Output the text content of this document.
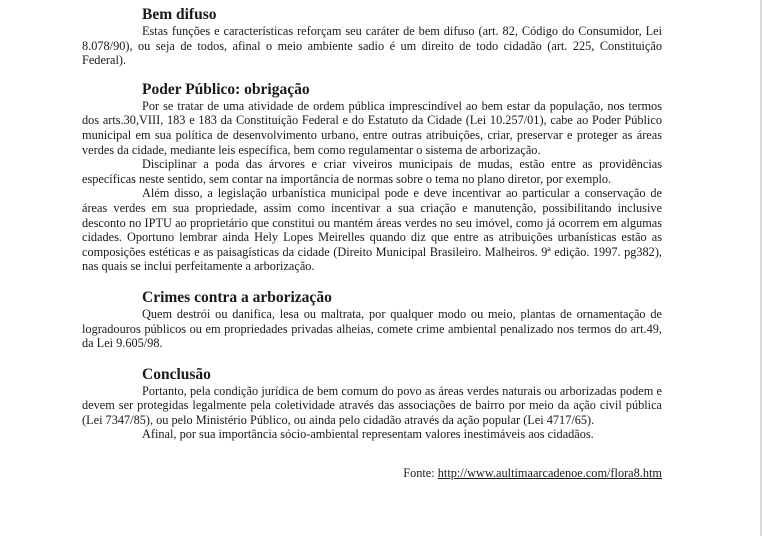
Bem difuso

Estas funções e características reforçam seu caráter de bem difuso (art. 82, Código do Consumidor, Lei 8.078/90), ou seja de todos, afinal o meio ambiente sadio é um direito de todo cidadão (art. 225, Constituição Federal).

Poder Público: obrigação

Por se tratar de uma atividade de ordem pública imprescindível ao bem estar da população, nos termos dos arts.30,VIII, 183 e 183 da Constituição Federal e do Estatuto da Cidade (Lei 10.257/01), cabe ao Poder Público municipal em sua política de desenvolvimento urbano, entre outras atribuições, criar, preservar e proteger as áreas verdes da cidade, mediante leis específica, bem como regulamentar o sistema de arborização.

Disciplinar a poda das árvores e criar viveiros municipais de mudas, estão entre as providências específicas neste sentido, sem contar na importância de normas sobre o tema no plano diretor, por exemplo.

Além disso, a legislação urbanística municipal pode e deve incentivar ao particular a conservação de áreas verdes em sua propriedade, assim como incentivar a sua criação e manutenção, possibilitando inclusive desconto no IPTU ao proprietário que constitui ou mantém áreas verdes no seu imóvel, como já ocorrem em algumas cidades. Oportuno lembrar ainda Hely Lopes Meirelles quando diz que entre as atribuições urbanísticas estão as composições estéticas e as paisagísticas da cidade (Direito Municipal Brasileiro. Malheiros. 9ª edição. 1997. pg382), nas quais se inclui perfeitamente a arborização.

Crimes contra a arborização

Quem destrói ou danifica, lesa ou maltrata, por qualquer modo ou meio, plantas de ornamentação de logradouros públicos ou em propriedades privadas alheias, comete crime ambiental penalizado nos termos do art.49, da Lei 9.605/98.

Conclusão

Portanto, pela condição jurídica de bem comum do povo as áreas verdes naturais ou arborizadas podem e devem ser protegidas legalmente pela coletividade através das associações de bairro por meio da ação civil pública (Lei 7347/85), ou pelo Ministério Público, ou ainda pelo cidadão através da ação popular (Lei 4717/65).

Afinal, por sua importância sócio-ambiental representam valores inestimáveis aos cidadãos.

Fonte: http://www.aultimaarcadenoe.com/flora8.htm
